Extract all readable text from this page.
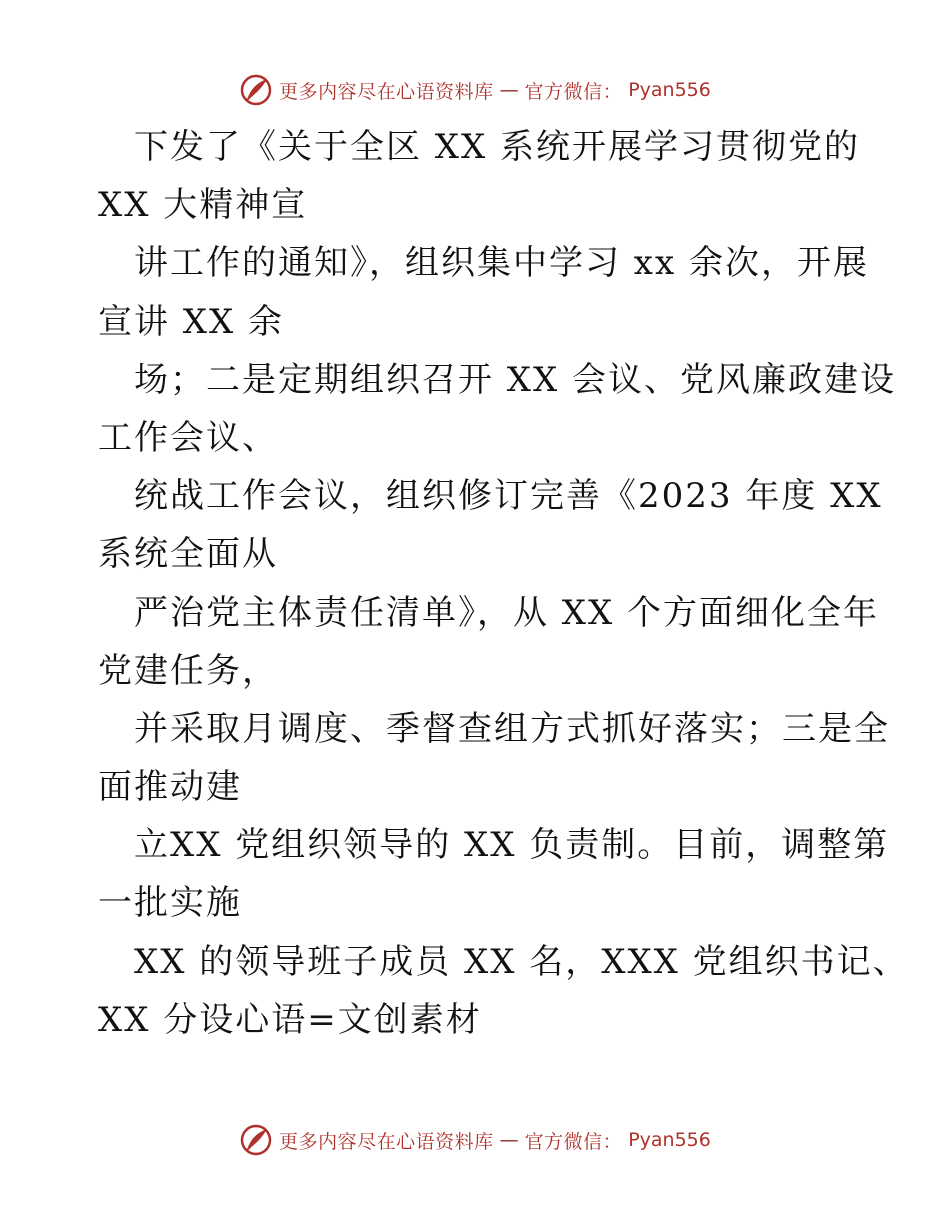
更多内容尽在心语资料库 — 官方微信： Pyan556
下发了《关于全区 XX 系统开展学习贯彻党的
XX 大精神宣
讲工作的通知》，组织集中学习 xx 余次，开展
宣讲 XX 余
场；二是定期组织召开 XX 会议、党风廉政建设
工作会议、
统战工作会议，组织修订完善《2023 年度 XX
系统全面从
严治党主体责任清单》，从 XX 个方面细化全年
党建任务，
并采取月调度、季督查组方式抓好落实；三是全
面推动建
立XX 党组织领导的 XX 负责制。目前，调整第
一批实施
XX 的领导班子成员 XX 名，XXX 党组织书记、
XX 分设心语=文创素材
更多内容尽在心语资料库 — 官方微信： Pyan556
